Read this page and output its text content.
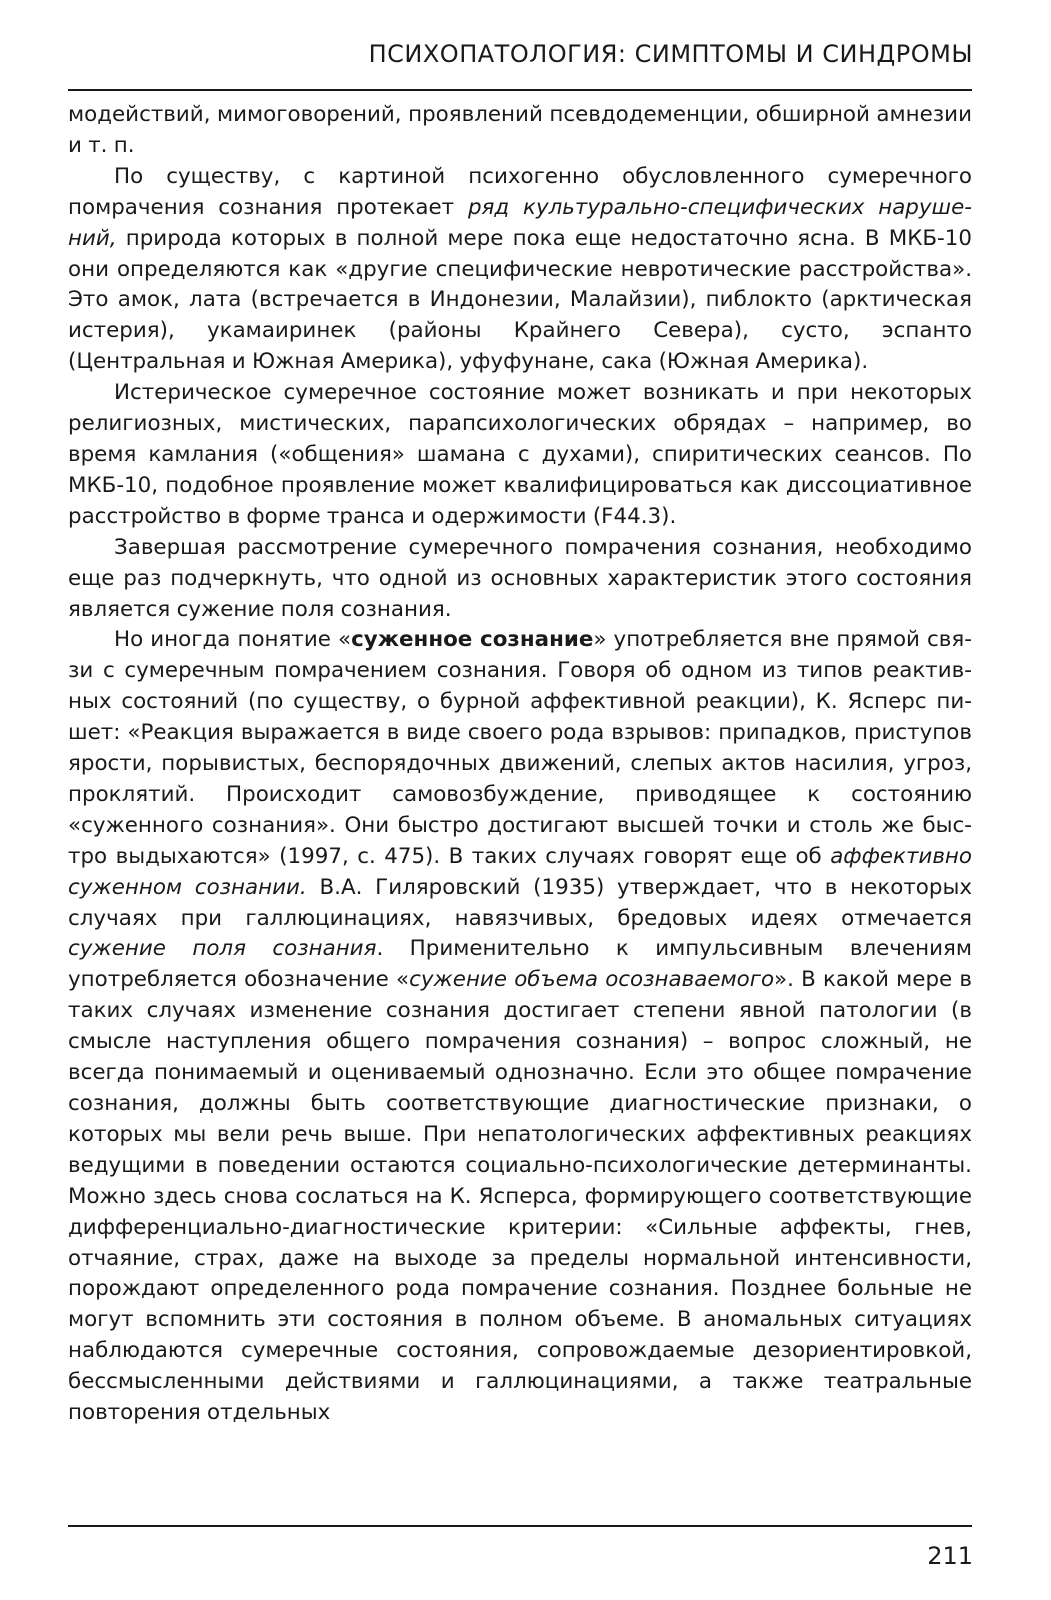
ПСИХОПАТОЛОГИЯ: СИМПТОМЫ И СИНДРОМЫ

модействий, мимоговорений, проявлений псевдодеменции, обширной амнезии и т. п.

По существу, с картиной психогенно обусловленного сумеречного помрачения сознания протекает ряд культурально-специфических нарушений, природа которых в полной мере пока еще недостаточно ясна. В МКБ-10 они определяются как «другие специфические невротические расстройства». Это амок, лата (встречается в Индонезии, Малайзии), пиблокто (арктическая истерия), укамаиринек (районы Крайнего Севера), сусто, эспанто (Центральная и Южная Америка), уфуфунане, сака (Южная Америка).

Истерическое сумеречное состояние может возникать и при некоторых религиозных, мистических, парапсихологических обрядах – например, во время камлания («общения» шамана с духами), спиритических сеансов. По МКБ-10, подобное проявление может квалифицироваться как диссоциативное расстройство в форме транса и одержимости (F44.3).

Завершая рассмотрение сумеречного помрачения сознания, необходимо еще раз подчеркнуть, что одной из основных характеристик этого состояния является сужение поля сознания.

Но иногда понятие «суженное сознание» употребляется вне прямой связи с сумеречным помрачением сознания. Говоря об одном из типов реактивных состояний (по существу, о бурной аффективной реакции), К. Ясперс пишет: «Реакция выражается в виде своего рода взрывов: припадков, приступов ярости, порывистых, беспорядочных движений, слепых актов насилия, угроз, проклятий. Происходит самовозбуждение, приводящее к состоянию «суженного сознания». Они быстро достигают высшей точки и столь же быстро выдыхаются» (1997, с. 475). В таких случаях говорят еще об аффективно суженном сознании. В.А. Гиляровский (1935) утверждает, что в некоторых случаях при галлюцинациях, навязчивых, бредовых идеях отмечается сужение поля сознания. Применительно к импульсивным влечениям употребляется обозначение «сужение объема осознаваемого». В какой мере в таких случаях изменение сознания достигает степени явной патологии (в смысле наступления общего помрачения сознания) – вопрос сложный, не всегда понимаемый и оцениваемый однозначно. Если это общее помрачение сознания, должны быть соответствующие диагностические признаки, о которых мы вели речь выше. При непатологических аффективных реакциях ведущими в поведении остаются социально-психологические детерминанты. Можно здесь снова сослаться на К. Ясперса, формирующего соответствующие дифференциально-диагностические критерии: «Сильные аффекты, гнев, отчаяние, страх, даже на выходе за пределы нормальной интенсивности, порождают определенного рода помрачение сознания. Позднее больные не могут вспомнить эти состояния в полном объеме. В аномальных ситуациях наблюдаются сумеречные состояния, сопровождаемые дезориентировкой, бессмысленными действиями и галлюцинациями, а также театральные повторения отдельных

211
